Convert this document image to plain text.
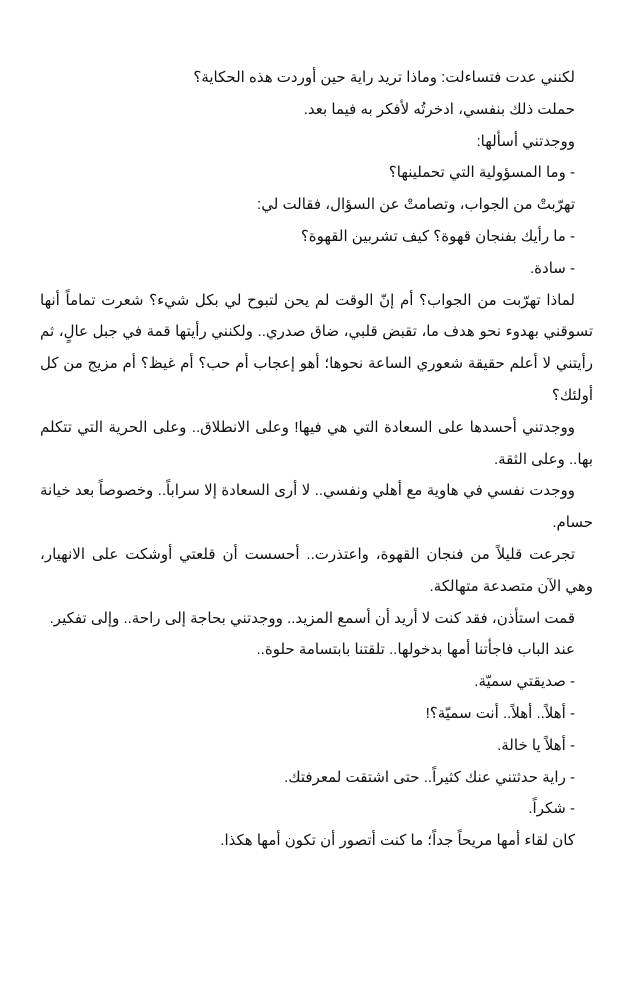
لكنني عدت فتساءلت: وماذا تريد راية حين أوردت هذه الحكاية؟

حملت ذلك بنفسي، ادخرتُه لأفكر به فيما بعد.

ووجدتني أسألها:

- وما المسؤولية التي تحملينها؟

تهرّبتْ من الجواب، وتصامتْ عن السؤال، فقالت لي:

- ما رأيك بفنجان قهوة؟ كيف تشربين القهوة؟

- سادة.

لماذا تهرّبت من الجواب؟ أم إنّ الوقت لم يحن لتبوح لي بكل شيء؟ شعرت تماماً أنها تسوقني بهدوء نحو هدف ما، تقبض قلبي، ضاق صدري.. ولكنني رأيتها قمة في جبل عالٍ، ثم رأيتني لا أعلم حقيقة شعوري الساعة نحوها؛ أهو إعجاب أم حب؟ أم غيظ؟ أم مزيج من كل أولئك؟

ووجدتني أحسدها على السعادة التي هي فيها! وعلى الانطلاق.. وعلى الحرية التي تتكلم بها.. وعلى الثقة.

ووجدت نفسي في هاوية مع أهلي ونفسي.. لا أرى السعادة إلا سراباً.. وخصوصاً بعد خيانة حسام.

تجرعت قليلاً من فنجان القهوة، واعتذرت.. أحسست أن قلعتي أوشكت على الانهيار، وهي الآن متصدعة متهالكة.

قمت استأذن، فقد كنت لا أريد أن أسمع المزيد.. ووجدتني بحاجة إلى راحة.. وإلى تفكير.

عند الباب فاجأتنا أمها بدخولها.. تلقتنا بابتسامة حلوة..

- صديقتي سميّة.

- أهلاً.. أهلاً.. أنت سميّة؟!

- أهلاً يا خالة.

- راية حدثتني عنك كثيراً.. حتى اشتقت لمعرفتك.

- شكراً.

كان لقاء أمها مريحاً جداً؛ ما كنت أتصور أن تكون أمها هكذا.
